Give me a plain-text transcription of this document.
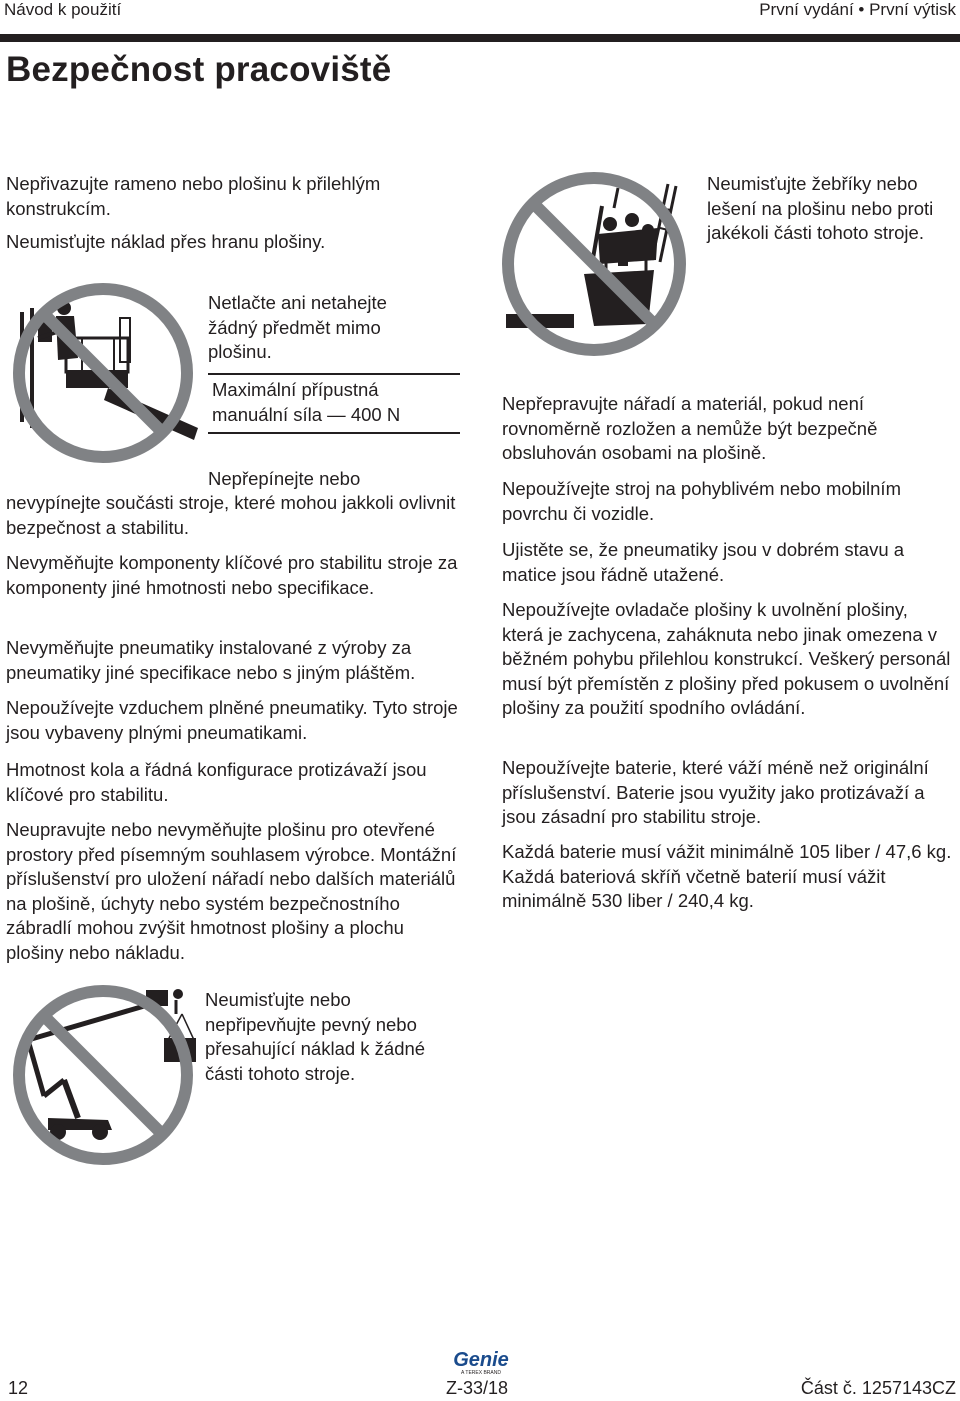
Návod k použití	První vydání • První výtisk
Bezpečnost pracoviště

Nepřivazujte rameno nebo plošinu k přilehlým konstrukcím.

Neumisťujte náklad přes hranu plošiny.

Neumisťujte žebříky nebo lešení na plošinu nebo proti jakékoli části tohoto stroje.

Netlačte ani netahejte

žádný předmět mimo

plošinu.

Maximální přípustná

manuální síla — 400 N

Nepřepínejte nebo

nevypínejte součásti stroje, které mohou jakkoli ovlivnit bezpečnost a stabilitu.

Nevyměňujte komponenty klíčové pro stabilitu stroje za komponenty jiné hmotnosti nebo specifikace.

Nevyměňujte pneumatiky instalované z výroby za pneumatiky jiné specifikace nebo s jiným pláštěm.

Nepoužívejte vzduchem plněné pneumatiky. Tyto stroje jsou vybaveny plnými pneumatikami.

Hmotnost kola a řádná konfigurace protizávaží jsou klíčové pro stabilitu.

Neupravujte nebo nevyměňujte plošinu pro otevřené prostory před písemným souhlasem výrobce. Montážní příslušenství pro uložení nářadí nebo dalších materiálů na plošině, úchyty nebo systém bezpečnostního zábradlí mohou zvýšit hmotnost plošiny a plochu plošiny nebo nákladu.

Neumisťujte nebo nepřipevňujte pevný nebo přesahující náklad k žádné části tohoto stroje.

Nepřepravujte nářadí a materiál, pokud není rovnoměrně rozložen a nemůže být bezpečně obsluhován osobami na plošině.

Nepoužívejte stroj na pohyblivém nebo mobilním povrchu či vozidle.

Ujistěte se, že pneumatiky jsou v dobrém stavu a matice jsou řádně utažené.

Nepoužívejte ovladače plošiny k uvolnění plošiny, která je zachycena, zaháknuta nebo jinak omezena v běžném pohybu přilehlou konstrukcí. Veškerý personál musí být přemístěn z plošiny před pokusem o uvolnění plošiny za použití spodního ovládání.

Nepoužívejte baterie, které váží méně než originální příslušenství. Baterie jsou využity jako protizávaží a jsou zásadní pro stabilitu stroje.

Každá baterie musí vážit minimálně 105 liber / 47,6 kg. Každá bateriová skříň včetně baterií musí vážit minimálně 530 liber / 240,4 kg.

12
Genie
A TEREX BRAND
Z-33/18	Část č. 1257143CZ
